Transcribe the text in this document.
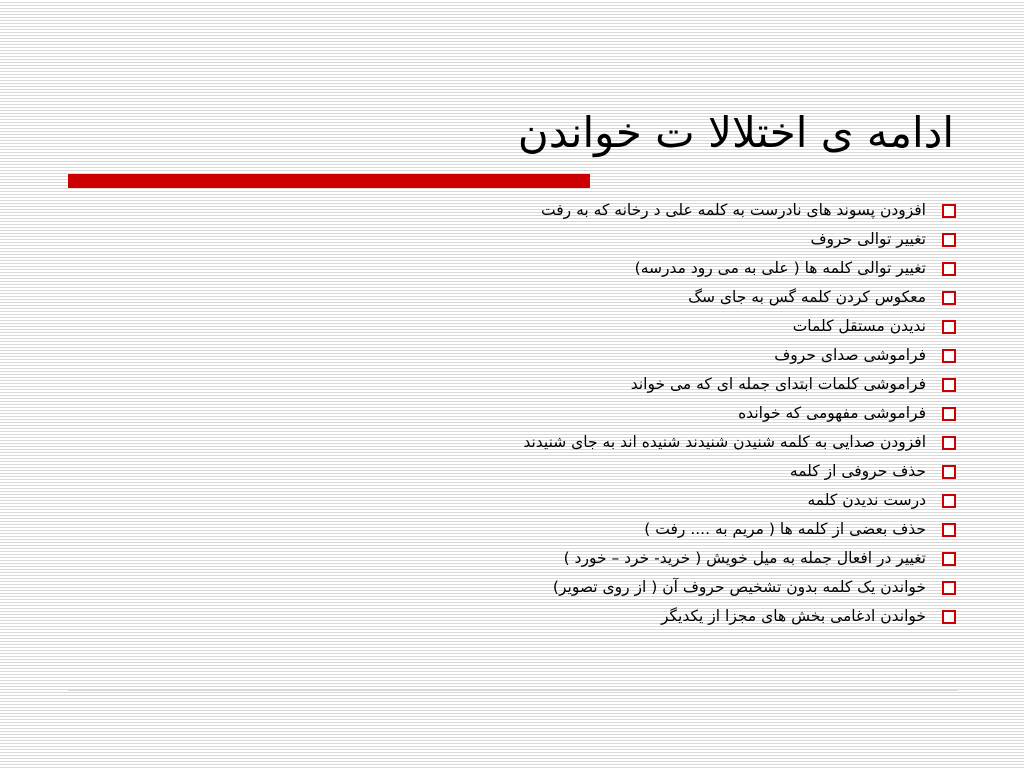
ادامه ی اختلالا ت خواندن
افزودن پسوند های نادرست به کلمه علی د رخانه که به رفت
تغییر توالی حروف
تغییر توالی کلمه ها ( علی به می رود مدرسه)
معکوس کردن کلمه گس به جای سگ
ندیدن مستقل کلمات
فراموشی صدای حروف
فراموشی کلمات ابتدای جمله ای که می خواند
فراموشی مفهومی که خوانده
افزودن صدایی به کلمه شنیدن شنیدند شنیده اند به جای شنیدند
حذف حروفی از کلمه
درست ندیدن کلمه
حذف بعضی از کلمه ها ( مریم به .... رفت )
تغییر در افعال جمله به میل خویش ( خرید- خرد – خورد )
خواندن یک کلمه بدون تشخیص حروف آن ( از روی تصویر)
خواندن ادغامی بخش های مجزا از یکدیگر
